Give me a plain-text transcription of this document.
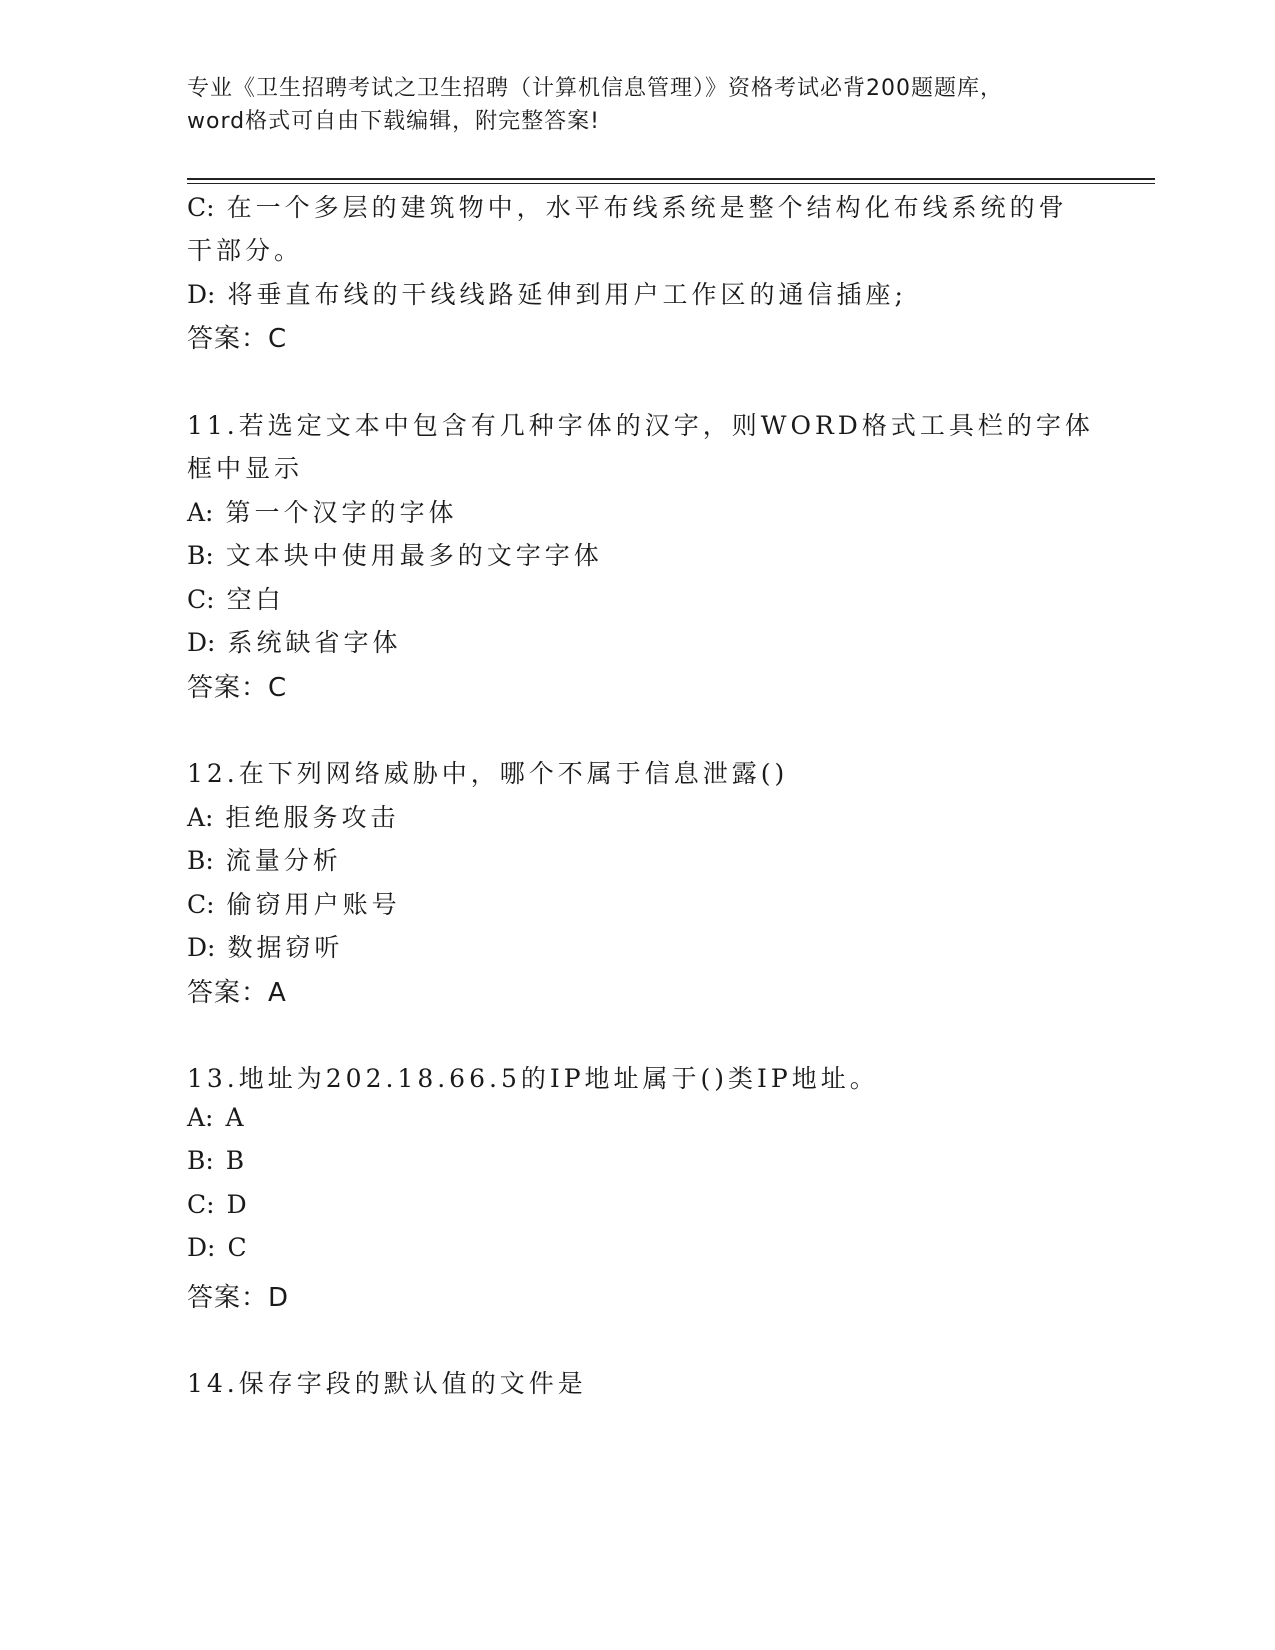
专业《卫生招聘考试之卫生招聘（计算机信息管理）》资格考试必背200题题库，
word格式可自由下载编辑，附完整答案!
C: 在一个多层的建筑物中，水平布线系统是整个结构化布线系统的骨
干部分。
D: 将垂直布线的干线线路延伸到用户工作区的通信插座;
答案：C
11.若选定文本中包含有几种字体的汉字，则WORD格式工具栏的字体
框中显示
A: 第一个汉字的字体
B: 文本块中使用最多的文字字体
C: 空白
D: 系统缺省字体
答案：C
12.在下列网络威胁中，哪个不属于信息泄露()
A: 拒绝服务攻击
B: 流量分析
C: 偷窃用户账号
D: 数据窃听
答案：A
13.地址为202.18.66.5的IP地址属于()类IP地址。
A: A
B: B
C: D
D: C
答案：D
14.保存字段的默认值的文件是
